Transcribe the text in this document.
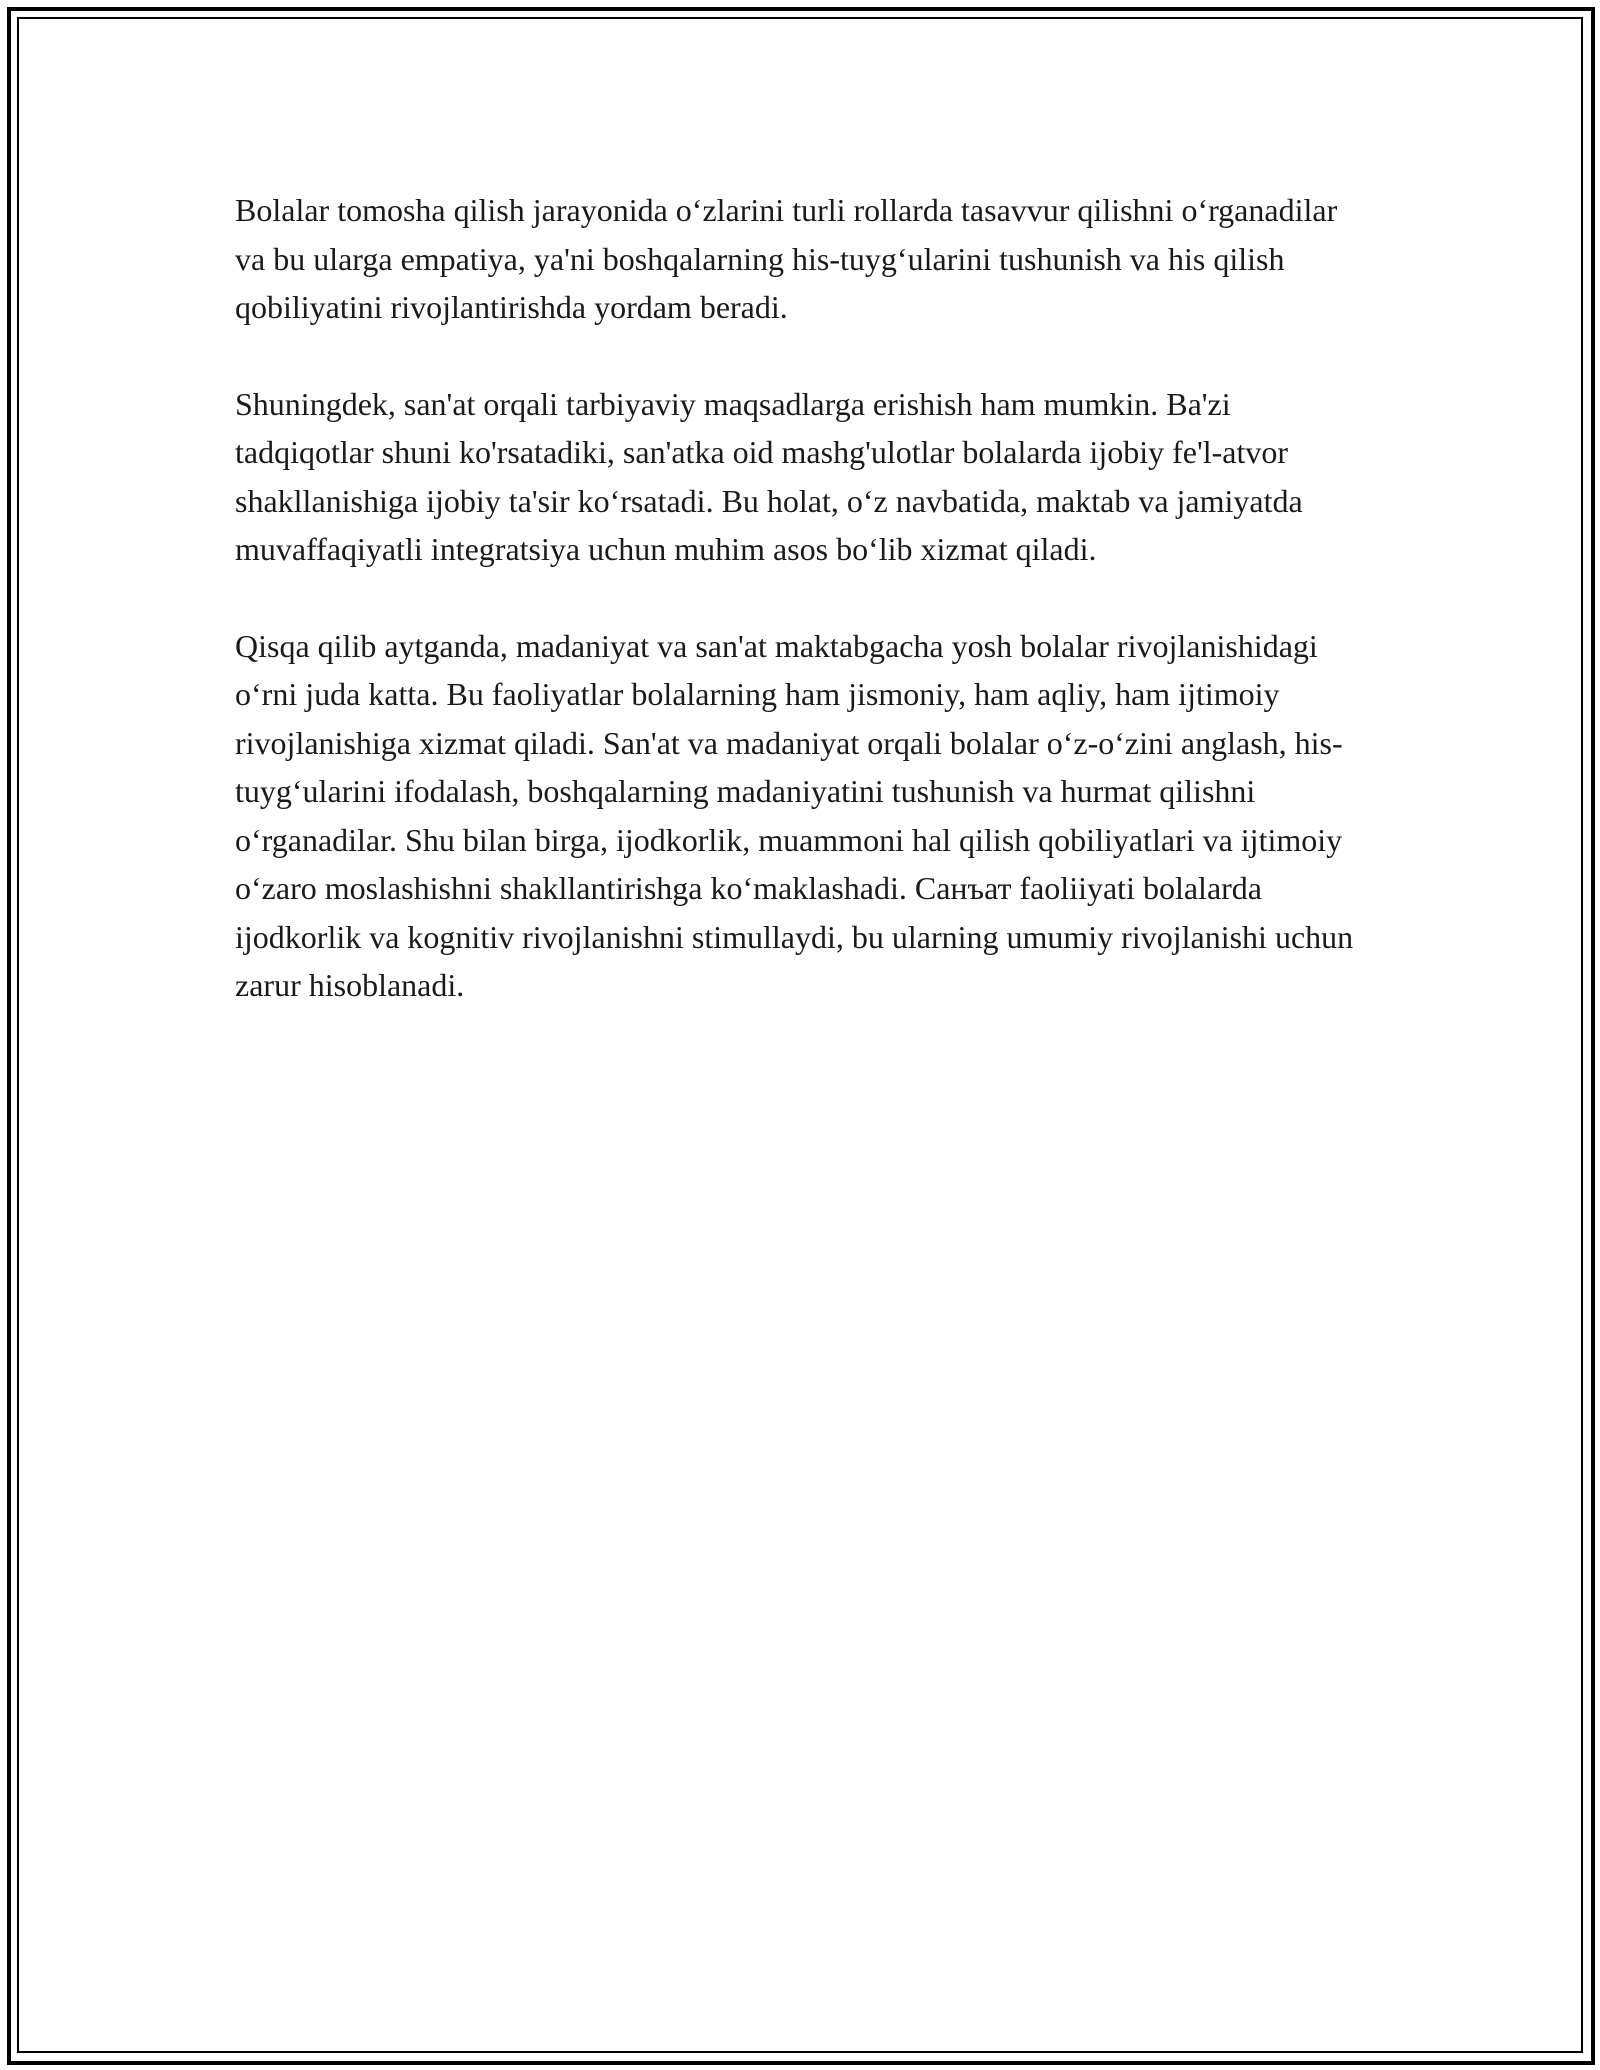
Bolalar tomosha qilish jarayonida o‘zlarini turli rollarda tasavvur qilishni o‘rganadilar va bu ularga empatiya, ya'ni boshqalarning his-tuyg‘ularini tushunish va his qilish qobiliyatini rivojlantirishda yordam beradi.

Shuningdek, san'at orqali tarbiyaviy maqsadlarga erishish ham mumkin. Ba'zi tadqiqotlar shuni ko'rsatadiki, san'atka oid mashg'ulotlar bolalarda ijobiy fe'l-atvor shakllanishiga ijobiy ta'sir ko‘rsatadi. Bu holat, o‘z navbatida, maktab va jamiyatda muvaffaqiyatli integratsiya uchun muhim asos bo‘lib xizmat qiladi.

Qisqa qilib aytganda, madaniyat va san'at maktabgacha yosh bolalar rivojlanishidagi o‘rni juda katta. Bu faoliyatlar bolalarning ham jismoniy, ham aqliy, ham ijtimoiy rivojlanishiga xizmat qiladi. San'at va madaniyat orqali bolalar o‘z-o‘zini anglash, his-tuyg‘ularini ifodalash, boshqalarning madaniyatini tushunish va hurmat qilishni o‘rganadilar. Shu bilan birga, ijodkorlik, muammoni hal qilish qobiliyatlari va ijtimoiy o‘zaro moslashishni shakllantirishga ko‘maklashadi. Санъат faoliiyati bolalarda ijodkorlik va kognitiv rivojlanishni stimullaydi, bu ularning umumiy rivojlanishi uchun zarur hisoblanadi.
